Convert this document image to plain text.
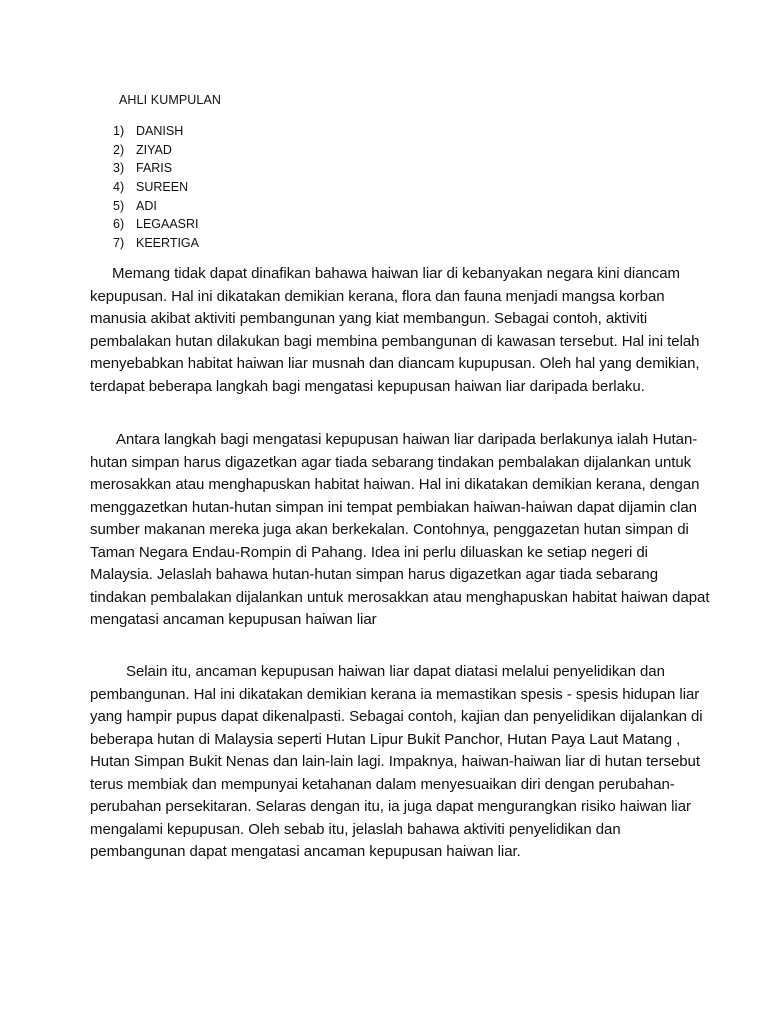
AHLI KUMPULAN
1) DANISH
2) ZIYAD
3) FARIS
4) SUREEN
5) ADI
6) LEGAASRI
7) KEERTIGA

Memang tidak dapat dinafikan bahawa haiwan liar di kebanyakan negara kini diancam kepupusan. Hal ini dikatakan demikian kerana, flora dan fauna menjadi mangsa korban manusia akibat aktiviti pembangunan yang kiat membangun. Sebagai contoh, aktiviti pembalakan hutan dilakukan bagi membina pembangunan di kawasan tersebut. Hal ini telah menyebabkan habitat haiwan liar musnah dan diancam kupupusan. Oleh hal yang demikian, terdapat beberapa langkah bagi mengatasi kepupusan haiwan liar daripada berlaku.

Antara langkah bagi mengatasi kepupusan haiwan liar daripada berlakunya ialah Hutan-hutan simpan harus digazetkan agar tiada sebarang tindakan pembalakan dijalankan untuk merosakkan atau menghapuskan habitat haiwan. Hal ini dikatakan demikian kerana, dengan menggazetkan hutan-hutan simpan ini tempat pembiakan haiwan-haiwan dapat dijamin clan sumber makanan mereka juga akan berkekalan. Contohnya, penggazetan hutan simpan di Taman Negara Endau-Rompin di Pahang. Idea ini perlu diluaskan ke setiap negeri di Malaysia. Jelaslah bahawa hutan-hutan simpan harus digazetkan agar tiada sebarang tindakan pembalakan dijalankan untuk merosakkan atau menghapuskan habitat haiwan dapat mengatasi ancaman kepupusan haiwan liar

Selain itu, ancaman kepupusan haiwan liar dapat diatasi melalui penyelidikan dan pembangunan. Hal ini dikatakan demikian kerana ia memastikan spesis - spesis hidupan liar yang hampir pupus dapat dikenalpasti. Sebagai contoh, kajian dan penyelidikan dijalankan di beberapa hutan di Malaysia seperti Hutan Lipur Bukit Panchor, Hutan Paya Laut Matang , Hutan Simpan Bukit Nenas dan lain-lain lagi. Impaknya, haiwan-haiwan liar di hutan tersebut terus membiak dan mempunyai ketahanan dalam menyesuaikan diri dengan perubahan-perubahan persekitaran. Selaras dengan itu, ia juga dapat mengurangkan risiko haiwan liar mengalami kepupusan. Oleh sebab itu, jelaslah bahawa aktiviti penyelidikan dan pembangunan dapat mengatasi ancaman kepupusan haiwan liar.
